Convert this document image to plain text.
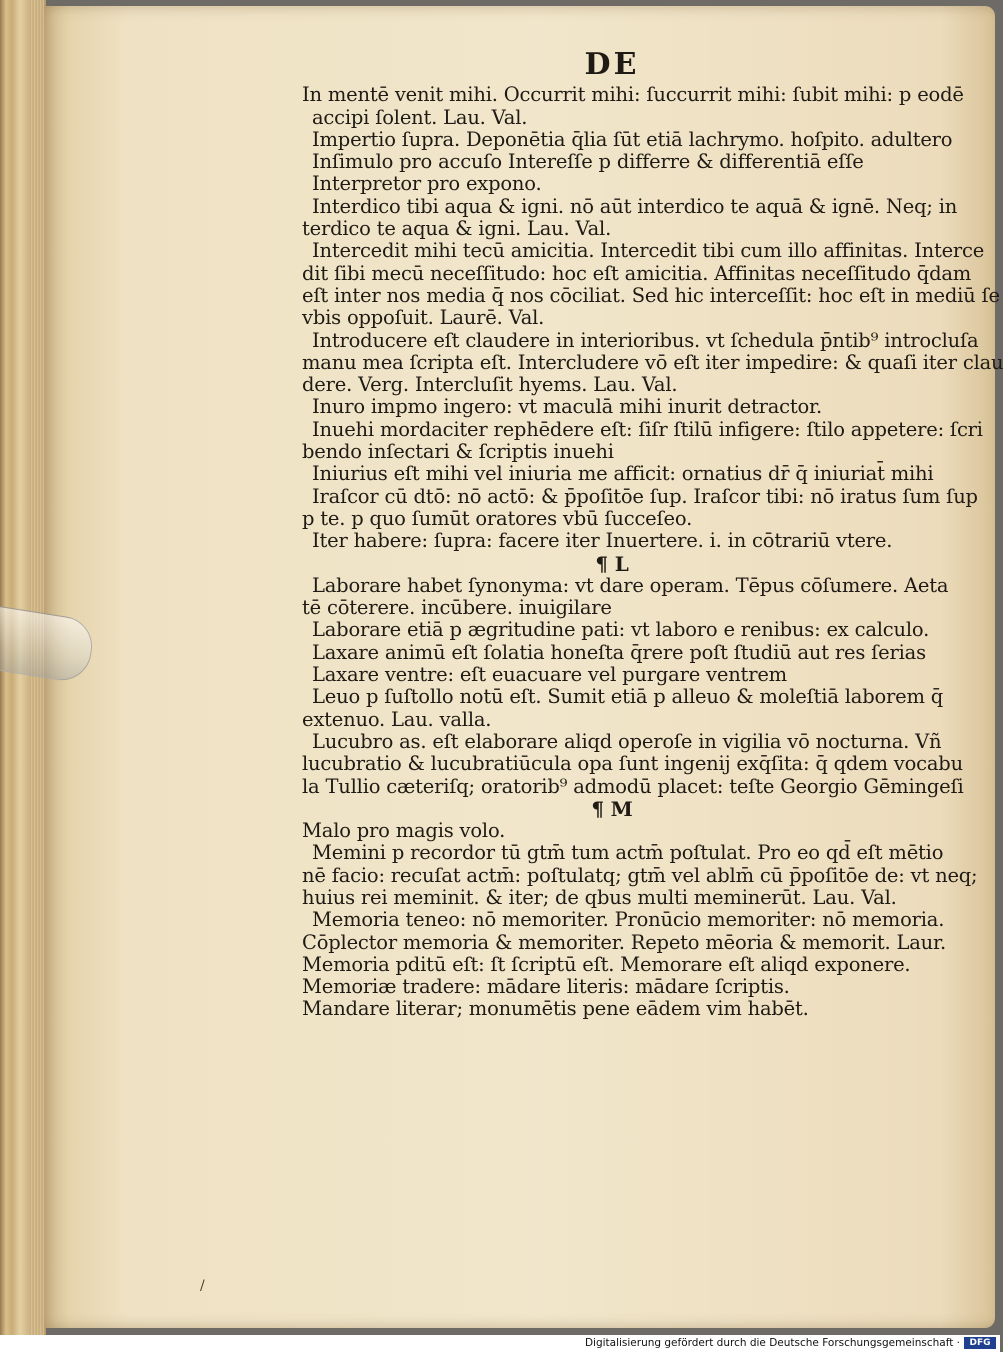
DE
In mentē venit mihi. Occurrit mihi: ſuccurrit mihi: ſubit mihi: p eodē
accipi ſolent. Lau. Val.
Impertio ſupra. Deponētia q̄lia ſūt etiā lachrymo. hoſpito. adultero
Inſimulo pro accuſo Intereſſe p differre & differentiā eſſe
Interpretor pro expono.
Interdico tibi aqua & igni. nō aūt interdico te aquā & ignē. Neq; in
terdico te aqua & igni. Lau. Val.
Intercedit mihi tecū amicitia. Intercedit tibi cum illo affinitas. Interce
dit ſibi mecū neceſſitudo: hoc eſt amicitia. Affinitas neceſſitudo q̄dam
eſt inter nos media q̄ nos cōciliat. Sed hic interceſſit: hoc eſt in mediū ſe
vbis oppoſuit. Laurē. Val.
Introducere eſt claudere in interioribus. vt ſchedula p̄ntib⁹ introcluſa
manu mea ſcripta eſt. Intercludere vō eſt iter impedire: & quaſi iter clau
dere. Verg. Intercluſit hyems. Lau. Val.
Inuro impmo ingero: vt maculā mihi inurit detractor.
Inuehi mordaciter rephēdere eſt: ſiſr ſtilū infigere: ſtilo appetere: ſcri
bendo inſectari & ſcriptis inuehi
Iniurius eſt mihi vel iniuria me afficit: ornatius dr̄ q̄ iniuriat̄ mihi
Iraſcor cū dtō: nō actō: & p̄poſitōe ſup. Iraſcor tibi: nō iratus ſum ſup
p te. p quo ſumūt oratores vbū ſucceſeo.
Iter habere: ſupra: facere iter Inuertere. i. in cōtrariū vtere.
¶ L
Laborare habet ſynonyma: vt dare operam. Tēpus cōſumere. Aeta
tē cōterere. incūbere. inuigilare
Laborare etiā p ægritudine pati: vt laboro e renibus: ex calculo.
Laxare animū eſt ſolatia honeſta q̄rere poſt ſtudiū aut res ſerias
Laxare ventre: eſt euacuare vel purgare ventrem
Leuo p ſuſtollo notū eſt. Sumit etiā p alleuo & moleſtiā laborem q̄
extenuo. Lau. valla.
Lucubro as. eſt elaborare aliqd operoſe in vigilia vō nocturna. Vñ
lucubratio & lucubratiūcula opa ſunt ingenij exq̄ſita: q̄ qdem vocabu
la Tullio cæteriſq; oratorib⁹ admodū placet: teſte Georgio Gēmingeſi
¶ M
Malo pro magis volo.
Memini p recordor tū gtm̄ tum actm̄ poſtulat. Pro eo qd̄ eſt mētio
nē facio: recuſat actm̄: poſtulatq; gtm̄ vel ablm̄ cū p̄poſitōe de: vt neq;
huius rei meminit. & iter; de qbus multi meminerūt. Lau. Val.
Memoria teneo: nō memoriter. Pronūcio memoriter: nō memoria.
Cōplector memoria & memoriter. Repeto mēoria & memorit. Laur.
Memoria pditū eſt: ſt ſcriptū eſt. Memorare eſt aliqd exponere.
Memoriæ tradere: mādare literis: mādare ſcriptis.
Mandare literar; monumētis pene eādem vim habēt.
/
Digitalisierung gefördert durch die Deutsche Forschungsgemeinschaft ·	DFG
